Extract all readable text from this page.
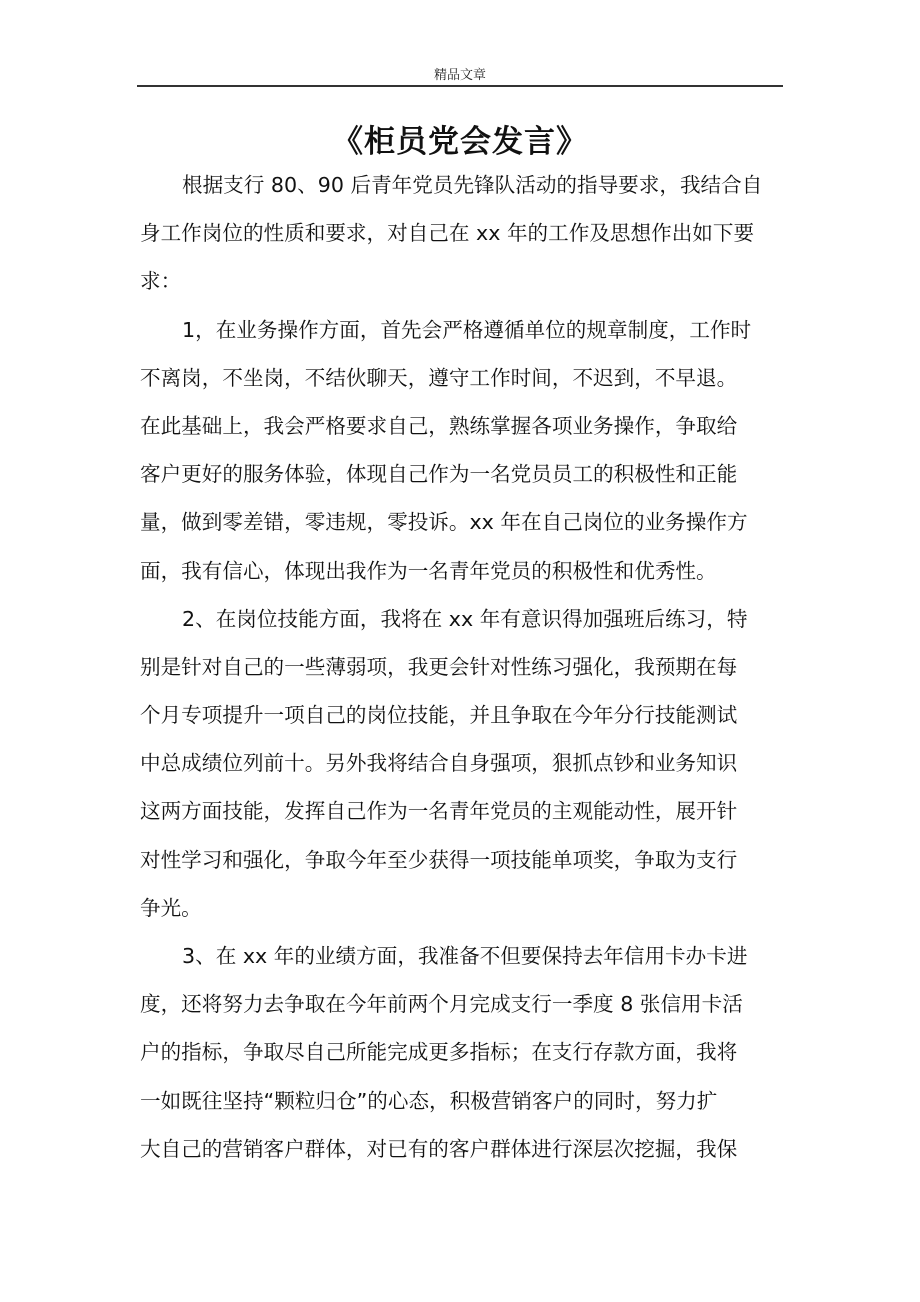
精品文章
《柜员党会发言》
根据支行 80、90 后青年党员先锋队活动的指导要求，我结合自
身工作岗位的性质和要求，对自己在 xx 年的工作及思想作出如下要
求：
1，在业务操作方面，首先会严格遵循单位的规章制度，工作时
不离岗，不坐岗，不结伙聊天，遵守工作时间，不迟到，不早退。
在此基础上，我会严格要求自己，熟练掌握各项业务操作，争取给
客户更好的服务体验，体现自己作为一名党员员工的积极性和正能
量，做到零差错，零违规，零投诉。xx 年在自己岗位的业务操作方
面，我有信心，体现出我作为一名青年党员的积极性和优秀性。
2、在岗位技能方面，我将在 xx 年有意识得加强班后练习，特
别是针对自己的一些薄弱项，我更会针对性练习强化，我预期在每
个月专项提升一项自己的岗位技能，并且争取在今年分行技能测试
中总成绩位列前十。另外我将结合自身强项，狠抓点钞和业务知识
这两方面技能，发挥自己作为一名青年党员的主观能动性，展开针
对性学习和强化，争取今年至少获得一项技能单项奖，争取为支行
争光。
3、在 xx 年的业绩方面，我准备不但要保持去年信用卡办卡进
度，还将努力去争取在今年前两个月完成支行一季度 8 张信用卡活
户的指标，争取尽自己所能完成更多指标；在支行存款方面，我将
一如既往坚持“颗粒归仓”的心态，积极营销客户的同时，努力扩
大自己的营销客户群体，对已有的客户群体进行深层次挖掘，我保
